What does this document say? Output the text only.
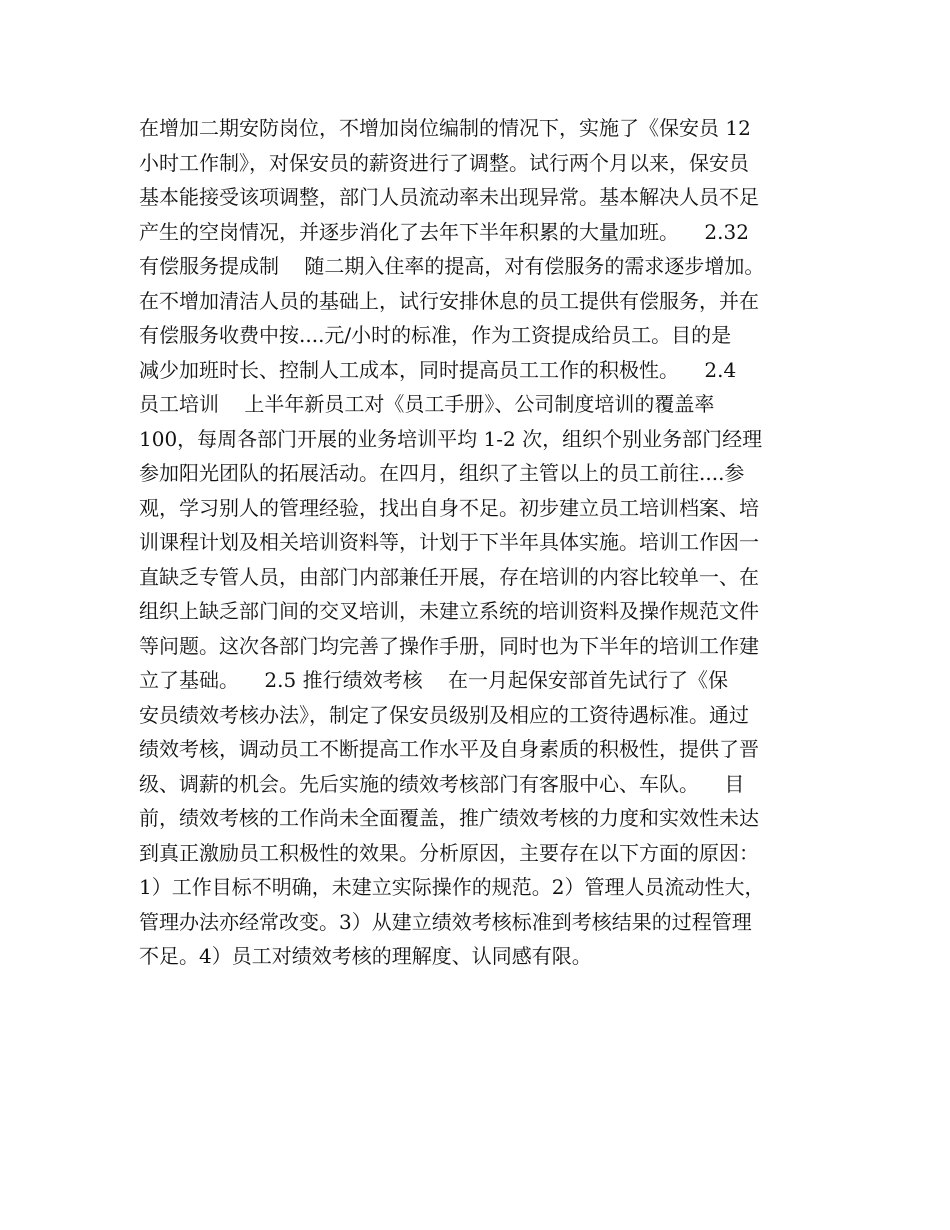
在增加二期安防岗位，不增加岗位编制的情况下，实施了《保安员 12
小时工作制》，对保安员的薪资进行了调整。试行两个月以来，保安员
基本能接受该项调整，部门人员流动率未出现异常。基本解决人员不足
产生的空岗情况，并逐步消化了去年下半年积累的大量加班。    2.32
有偿服务提成制    随二期入住率的提高，对有偿服务的需求逐步增加。
在不增加清洁人员的基础上，试行安排休息的员工提供有偿服务，并在
有偿服务收费中按....元/小时的标准，作为工资提成给员工。目的是
减少加班时长、控制人工成本，同时提高员工工作的积极性。    2.4
员工培训    上半年新员工对《员工手册》、公司制度培训的覆盖率
100，每周各部门开展的业务培训平均 1-2 次，组织个别业务部门经理
参加阳光团队的拓展活动。在四月，组织了主管以上的员工前往....参
观，学习别人的管理经验，找出自身不足。初步建立员工培训档案、培
训课程计划及相关培训资料等，计划于下半年具体实施。培训工作因一
直缺乏专管人员，由部门内部兼任开展，存在培训的内容比较单一、在
组织上缺乏部门间的交叉培训，未建立系统的培训资料及操作规范文件
等问题。这次各部门均完善了操作手册，同时也为下半年的培训工作建
立了基础。    2.5 推行绩效考核    在一月起保安部首先试行了《保
安员绩效考核办法》，制定了保安员级别及相应的工资待遇标准。通过
绩效考核，调动员工不断提高工作水平及自身素质的积极性，提供了晋
级、调薪的机会。先后实施的绩效考核部门有客服中心、车队。    目
前，绩效考核的工作尚未全面覆盖，推广绩效考核的力度和实效性未达
到真正激励员工积极性的效果。分析原因，主要存在以下方面的原因：
1）工作目标不明确，未建立实际操作的规范。2）管理人员流动性大，
管理办法亦经常改变。3）从建立绩效考核标准到考核结果的过程管理
不足。4）员工对绩效考核的理解度、认同感有限。
